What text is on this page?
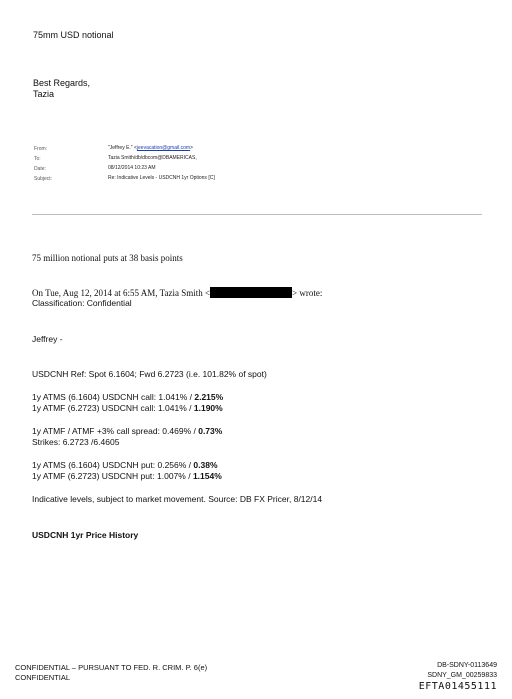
75mm USD notional
Best Regards,
Tazia
From:	"Jeffrey E." <jeevacation@gmail.com>
To:	Tazia Smith/db/dbcom@DBAMERICAS,
Date:	08/12/2014 10:23 AM
Subject:	Re: Indicative Levels - USDCNH 1yr Options [C]
75 million notional puts at 38 basis points
On Tue, Aug 12, 2014 at 6:55 AM, Tazia Smith <	> wrote:
Classification: Confidential
Jeffrey -
USDCNH Ref: Spot 6.1604; Fwd 6.2723 (i.e. 101.82% of spot)
1y ATMS (6.1604) USDCNH call: 1.041% / 2.215%
1y ATMF (6.2723) USDCNH call: 1.041% / 1.190%
1y ATMF / ATMF +3% call spread: 0.469% / 0.73%
Strikes: 6.2723 /6.4605
1y ATMS (6.1604) USDCNH put: 0.256% / 0.38%
1y ATMF (6.2723) USDCNH put: 1.007% / 1.154%
Indicative levels, subject to market movement. Source: DB FX Pricer, 8/12/14
USDCNH 1yr Price History
CONFIDENTIAL – PURSUANT TO FED. R. CRIM. P. 6(e)
CONFIDENTIAL
DB-SDNY-0113649
SDNY_GM_00259833
EFTA01455111
